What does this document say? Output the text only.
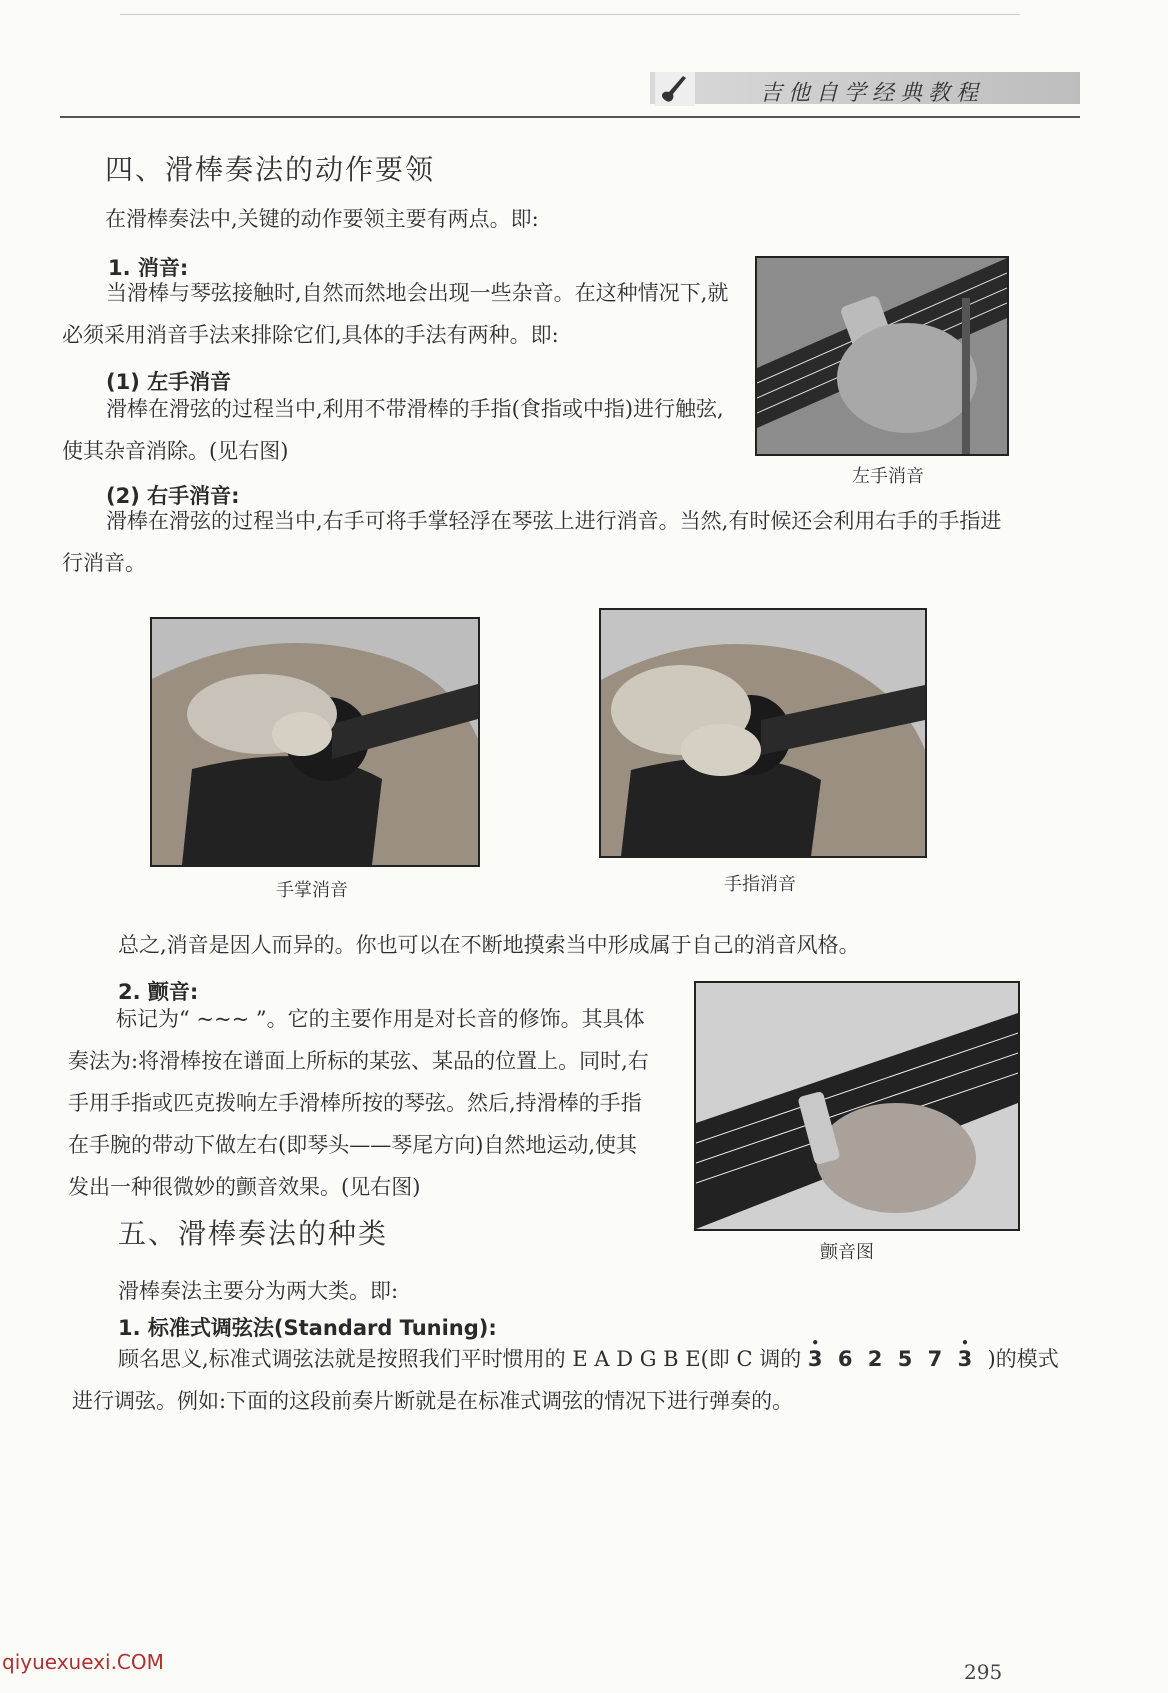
吉他自学经典教程
四、滑棒奏法的动作要领
在滑棒奏法中,关键的动作要领主要有两点。即:
1. 消音:
当滑棒与琴弦接触时,自然而然地会出现一些杂音。在这种情况下,就必须采用消音手法来排除它们,具体的手法有两种。即:
(1) 左手消音
滑棒在滑弦的过程当中,利用不带滑棒的手指(食指或中指)进行触弦,使其杂音消除。(见右图)
(2) 右手消音:
滑棒在滑弦的过程当中,右手可将手掌轻浮在琴弦上进行消音。当然,有时候还会利用右手的手指进行消音。
左手消音
手掌消音	手指消音
总之,消音是因人而异的。你也可以在不断地摸索当中形成属于自己的消音风格。
2. 颤音:
标记为“ ~~~ ”。它的主要作用是对长音的修饰。其具体奏法为:将滑棒按在谱面上所标的某弦、某品的位置上。同时,右手用手指或匹克拨响左手滑棒所按的琴弦。然后,持滑棒的手指在手腕的带动下做左右(即琴头——琴尾方向)自然地运动,使其发出一种很微妙的颤音效果。(见右图)
颤音图
五、滑棒奏法的种类
滑棒奏法主要分为两大类。即:
1. 标准式调弦法(Standard Tuning):
顾名思义,标准式调弦法就是按照我们平时惯用的 E A D G B E(即 C 调的 • 3 6 2 5 7 • 3 )的模式进行调弦。例如:下面的这段前奏片断就是在标准式调弦的情况下进行弹奏的。
295
qiyuexuexi.COM
